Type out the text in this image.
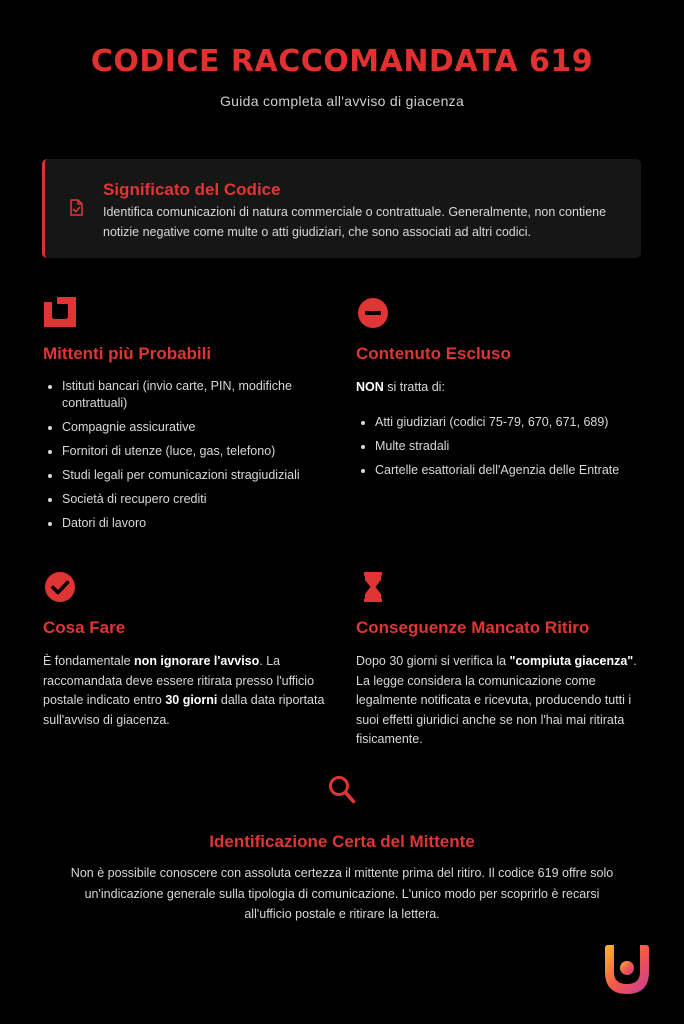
CODICE RACCOMANDATA 619
Guida completa all'avviso di giacenza
Significato del Codice

Identifica comunicazioni di natura commerciale o contrattuale. Generalmente, non contiene notizie negative come multe o atti giudiziari, che sono associati ad altri codici.

Mittenti più Probabili
Istituti bancari (invio carte, PIN, modifiche contrattuali)
Compagnie assicurative
Fornitori di utenze (luce, gas, telefono)
Studi legali per comunicazioni stragiudiziali
Società di recupero crediti
Datori di lavoro
Contenuto Escluso

NON si tratta di:

Atti giudiziari (codici 75-79, 670, 671, 689)
Multe stradali
Cartelle esattoriali dell'Agenzia delle Entrate
Cosa Fare

È fondamentale non ignorare l'avviso. La raccomandata deve essere ritirata presso l'ufficio postale indicato entro 30 giorni dalla data riportata sull'avviso di giacenza.

Conseguenze Mancato Ritiro

Dopo 30 giorni si verifica la "compiuta giacenza". La legge considera la comunicazione come legalmente notificata e ricevuta, producendo tutti i suoi effetti giuridici anche se non l'hai mai ritirata fisicamente.

Identificazione Certa del Mittente

Non è possibile conoscere con assoluta certezza il mittente prima del ritiro. Il codice 619 offre solo un'indicazione generale sulla tipologia di comunicazione. L'unico modo per scoprirlo è recarsi all'ufficio postale e ritirare la lettera.
